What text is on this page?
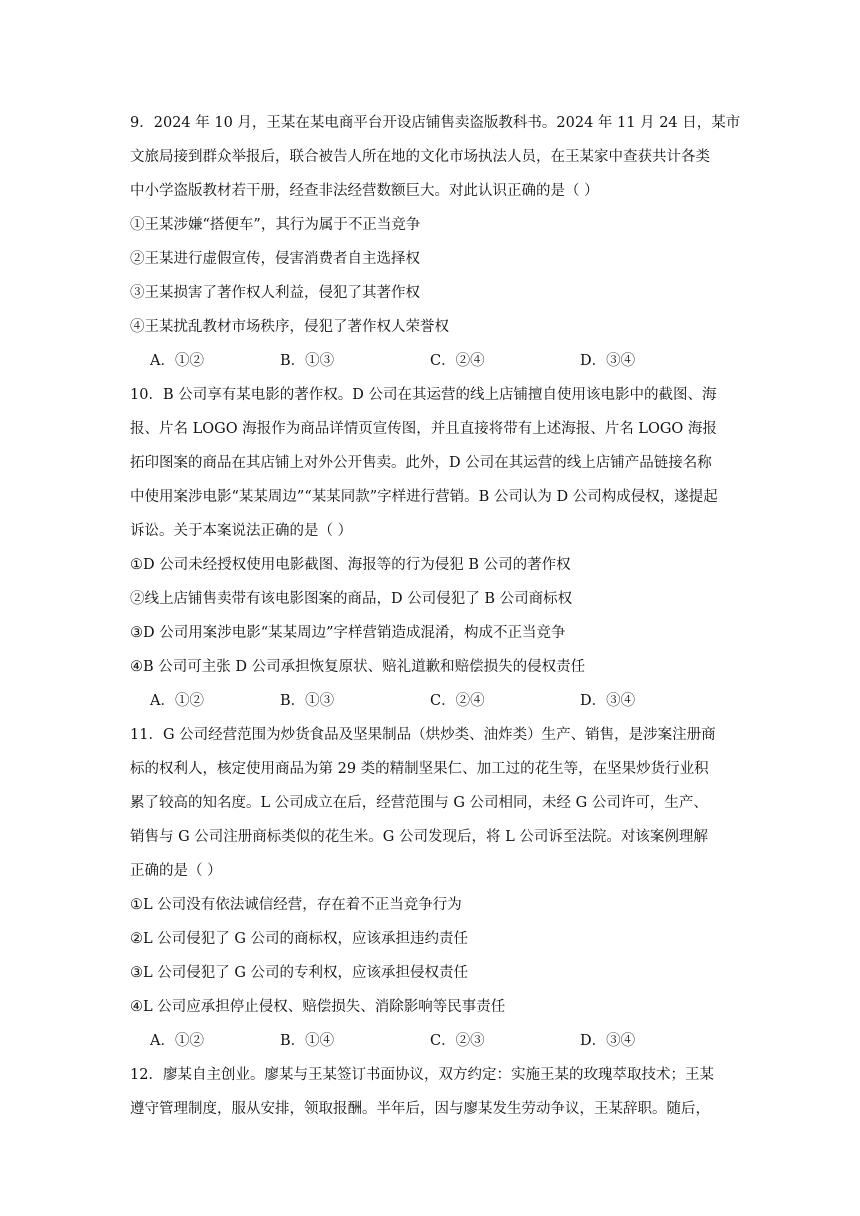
9．2024 年 10 月，王某在某电商平台开设店铺售卖盗版教科书。2024 年 11 月 24 日，某市
文旅局接到群众举报后，联合被告人所在地的文化市场执法人员，在王某家中查获共计各类
中小学盗版教材若干册，经查非法经营数额巨大。对此认识正确的是（ ）
①王某涉嫌“搭便车”，其行为属于不正当竞争
②王某进行虚假宣传，侵害消费者自主选择权
③王某损害了著作权人利益，侵犯了其著作权
④王某扰乱教材市场秩序，侵犯了著作权人荣誉权
A．①②	B．①③	C．②④	D．③④
10．B 公司享有某电影的著作权。D 公司在其运营的线上店铺擅自使用该电影中的截图、海
报、片名 LOGO 海报作为商品详情页宣传图，并且直接将带有上述海报、片名 LOGO 海报
拓印图案的商品在其店铺上对外公开售卖。此外，D 公司在其运营的线上店铺产品链接名称
中使用案涉电影“某某周边”“某某同款”字样进行营销。B 公司认为 D 公司构成侵权，遂提起
诉讼。关于本案说法正确的是（ ）
①D 公司未经授权使用电影截图、海报等的行为侵犯 B 公司的著作权
②线上店铺售卖带有该电影图案的商品，D 公司侵犯了 B 公司商标权
③D 公司用案涉电影“某某周边”字样营销造成混淆，构成不正当竞争
④B 公司可主张 D 公司承担恢复原状、赔礼道歉和赔偿损失的侵权责任
A．①②	B．①③	C．②④	D．③④
11．G 公司经营范围为炒货食品及坚果制品（烘炒类、油炸类）生产、销售，是涉案注册商
标的权利人，核定使用商品为第 29 类的精制坚果仁、加工过的花生等，在坚果炒货行业积
累了较高的知名度。L 公司成立在后，经营范围与 G 公司相同，未经 G 公司许可，生产、
销售与 G 公司注册商标类似的花生米。G 公司发现后，将 L 公司诉至法院。对该案例理解
正确的是（ ）
①L 公司没有依法诚信经营，存在着不正当竞争行为
②L 公司侵犯了 G 公司的商标权，应该承担违约责任
③L 公司侵犯了 G 公司的专利权，应该承担侵权责任
④L 公司应承担停止侵权、赔偿损失、消除影响等民事责任
A．①②	B．①④	C．②③	D．③④
12．廖某自主创业。廖某与王某签订书面协议，双方约定：实施王某的玫瑰萃取技术；王某
遵守管理制度，服从安排，领取报酬。半年后，因与廖某发生劳动争议，王某辞职。随后，
